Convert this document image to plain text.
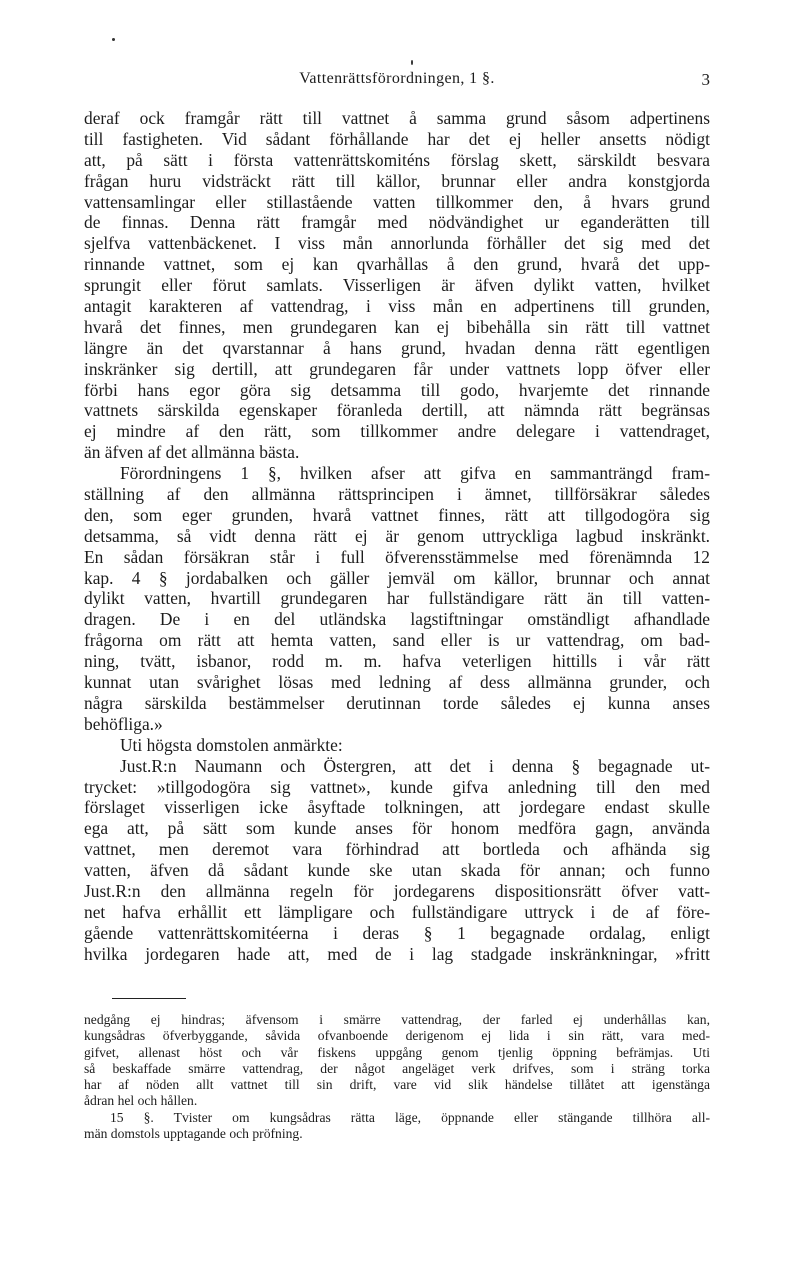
Vattenrättsförordningen, 1 §.	3
deraf ock framgår rätt till vattnet å samma grund såsom adpertinens
till fastigheten. Vid sådant förhållande har det ej heller ansetts nödigt
att, på sätt i första vattenrättskomiténs förslag skett, särskildt besvara
frågan huru vidsträckt rätt till källor, brunnar eller andra konstgjorda
vattensamlingar eller stillastående vatten tillkommer den, å hvars grund
de finnas. Denna rätt framgår med nödvändighet ur eganderätten till
sjelfva vattenbäckenet. I viss mån annorlunda förhåller det sig med det
rinnande vattnet, som ej kan qvarhållas å den grund, hvarå det upp-
sprungit eller förut samlats. Visserligen är äfven dylikt vatten, hvilket
antagit karakteren af vattendrag, i viss mån en adpertinens till grunden,
hvarå det finnes, men grundegaren kan ej bibehålla sin rätt till vattnet
längre än det qvarstannar å hans grund, hvadan denna rätt egentligen
inskränker sig dertill, att grundegaren får under vattnets lopp öfver eller
förbi hans egor göra sig detsamma till godo, hvarjemte det rinnande
vattnets särskilda egenskaper föranleda dertill, att nämnda rätt begränsas
ej mindre af den rätt, som tillkommer andre delegare i vattendraget,
än äfven af det allmänna bästa.
Förordningens 1 §, hvilken afser att gifva en sammanträngd fram-
ställning af den allmänna rättsprincipen i ämnet, tillförsäkrar således
den, som eger grunden, hvarå vattnet finnes, rätt att tillgodogöra sig
detsamma, så vidt denna rätt ej är genom uttryckliga lagbud inskränkt.
En sådan försäkran står i full öfverensstämmelse med förenämnda 12
kap. 4 § jordabalken och gäller jemväl om källor, brunnar och annat
dylikt vatten, hvartill grundegaren har fullständigare rätt än till vatten-
dragen. De i en del utländska lagstiftningar omständligt afhandlade
frågorna om rätt att hemta vatten, sand eller is ur vattendrag, om bad-
ning, tvätt, isbanor, rodd m. m. hafva veterligen hittills i vår rätt
kunnat utan svårighet lösas med ledning af dess allmänna grunder, och
några särskilda bestämmelser derutinnan torde således ej kunna anses
behöfliga.»
Uti högsta domstolen anmärkte:
Just.R:n Naumann och Östergren, att det i denna § begagnade ut-
trycket: »tillgodogöra sig vattnet», kunde gifva anledning till den med
förslaget visserligen icke åsyftade tolkningen, att jordegare endast skulle
ega att, på sätt som kunde anses för honom medföra gagn, använda
vattnet, men deremot vara förhindrad att bortleda och afhända sig
vatten, äfven då sådant kunde ske utan skada för annan; och funno
Just.R:n den allmänna regeln för jordegarens dispositionsrätt öfver vatt-
net hafva erhållit ett lämpligare och fullständigare uttryck i de af före-
gående vattenrättskomitéerna i deras § 1 begagnade ordalag, enligt
hvilka jordegaren hade att, med de i lag stadgade inskränkningar, »fritt
nedgång ej hindras; äfvensom i smärre vattendrag, der farled ej underhållas kan,
kungsådras öfverbyggande, såvida ofvanboende derigenom ej lida i sin rätt, vara med-
gifvet, allenast höst och vår fiskens uppgång genom tjenlig öppning befrämjas. Uti
så beskaffade smärre vattendrag, der något angeläget verk drifves, som i sträng torka
har af nöden allt vattnet till sin drift, vare vid slik händelse tillåtet att igenstänga
ådran hel och hållen.
15 §. Tvister om kungsådras rätta läge, öppnande eller stängande tillhöra all-
män domstols upptagande och pröfning.
